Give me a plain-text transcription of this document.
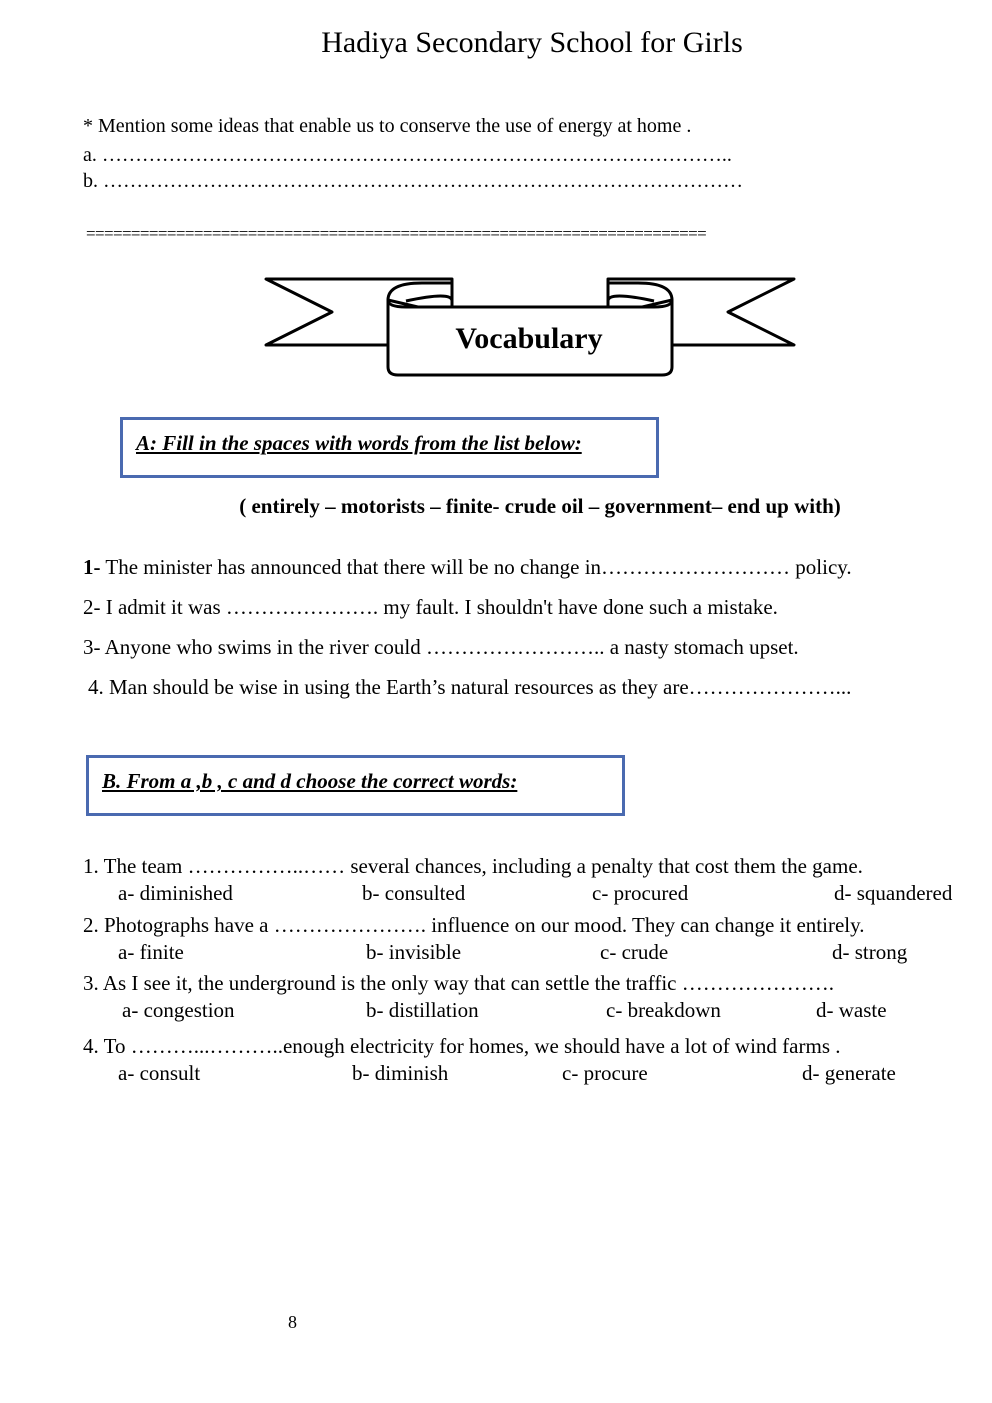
Hadiya Secondary School for Girls
* Mention some ideas that enable us to conserve the use of energy at home .
a. …………………………………………………………………………………..
b. ……………………………………………………………………………………
=====================================================================
Vocabulary
A: Fill in the spaces with words from the list below:
( entirely – motorists – finite- crude oil – government– end up with)
1- The minister has announced that there will be no change in……………………… policy.
2- I admit it was …………………. my fault. I shouldn't have done such a mistake.
3- Anyone who swims in the river could …………………….. a nasty stomach upset.
4. Man should be wise in using the Earth’s natural resources as they are…………………...
B. From a ,b , c and d choose the correct words:
1. The team ……………..…… several chances, including a penalty that cost them the game.
a- diminished	b- consulted	c- procured	d- squandered
2. Photographs have a …………………. influence on our mood. They can change it entirely.
a- finite	b- invisible	c- crude	d- strong
3. As I see it, the underground is the only way that can settle the traffic ………………….
a- congestion	b- distillation	c- breakdown	d- waste
4. To ………...………..enough electricity for homes, we should have a lot of wind farms .
a- consult	b- diminish	c- procure	d- generate
8
